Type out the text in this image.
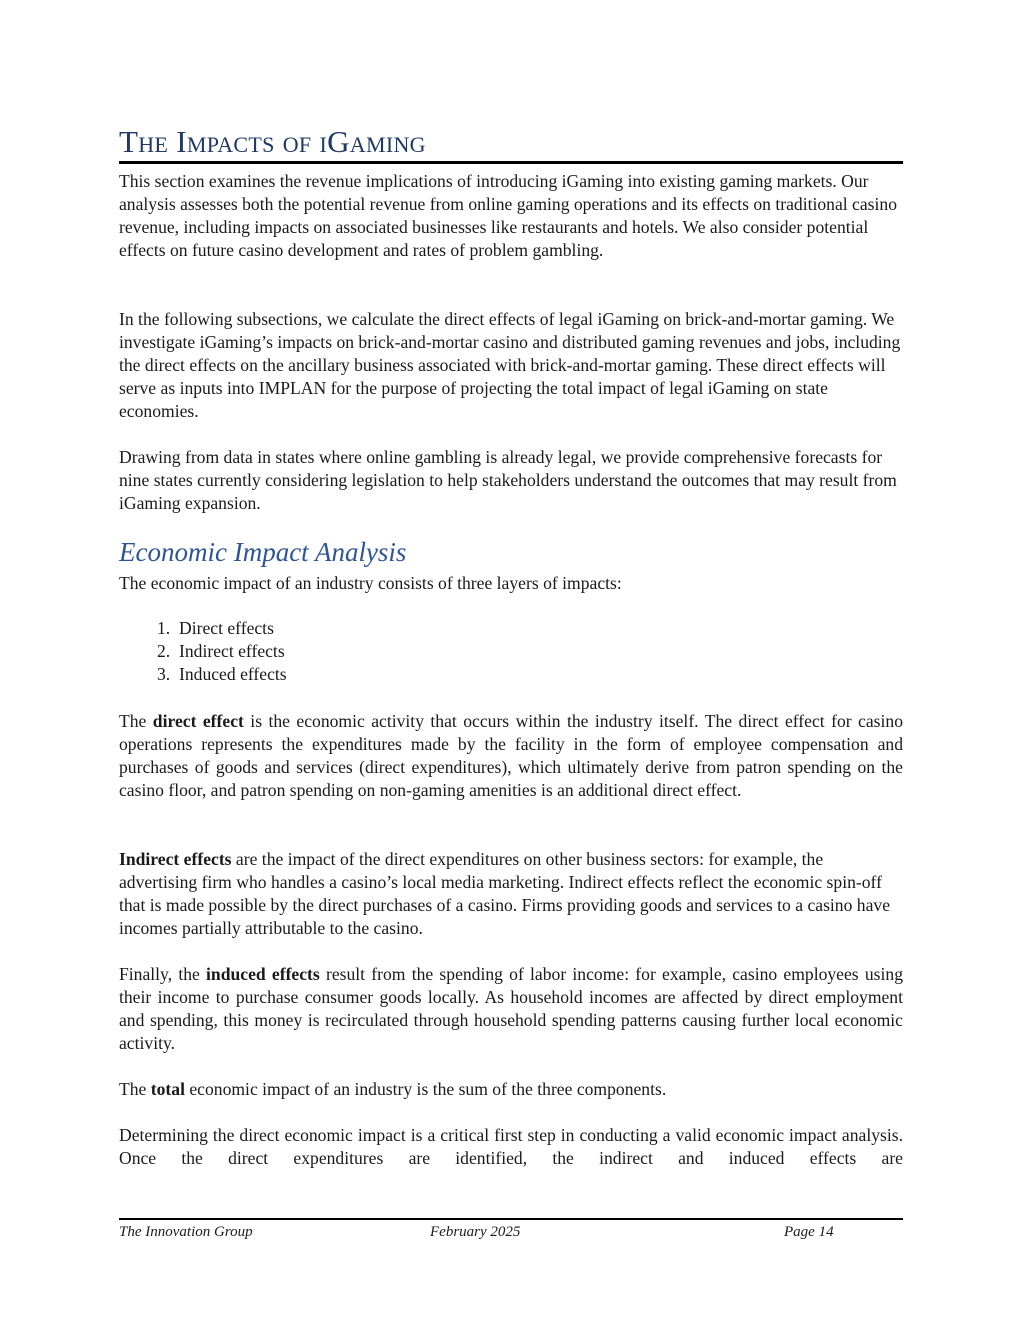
The Impacts of iGaming

This section examines the revenue implications of introducing iGaming into existing gaming markets. Our analysis assesses both the potential revenue from online gaming operations and its effects on traditional casino revenue, including impacts on associated businesses like restaurants and hotels. We also consider potential effects on future casino development and rates of problem gambling.

In the following subsections, we calculate the direct effects of legal iGaming on brick-and-mortar gaming. We investigate iGaming’s impacts on brick-and-mortar casino and distributed gaming revenues and jobs, including the direct effects on the ancillary business associated with brick-and-mortar gaming. These direct effects will serve as inputs into IMPLAN for the purpose of projecting the total impact of legal iGaming on state economies.

Drawing from data in states where online gambling is already legal, we provide comprehensive forecasts for nine states currently considering legislation to help stakeholders understand the outcomes that may result from iGaming expansion.

Economic Impact Analysis

The economic impact of an industry consists of three layers of impacts:

1. Direct effects
2. Indirect effects
3. Induced effects

The direct effect is the economic activity that occurs within the industry itself. The direct effect for casino operations represents the expenditures made by the facility in the form of employee compensation and purchases of goods and services (direct expenditures), which ultimately derive from patron spending on the casino floor, and patron spending on non-gaming amenities is an additional direct effect.

Indirect effects are the impact of the direct expenditures on other business sectors: for example, the advertising firm who handles a casino’s local media marketing. Indirect effects reflect the economic spin-off that is made possible by the direct purchases of a casino. Firms providing goods and services to a casino have incomes partially attributable to the casino.

Finally, the induced effects result from the spending of labor income: for example, casino employees using their income to purchase consumer goods locally. As household incomes are affected by direct employment and spending, this money is recirculated through household spending patterns causing further local economic activity.

The total economic impact of an industry is the sum of the three components.

Determining the direct economic impact is a critical first step in conducting a valid economic impact analysis. Once the direct expenditures are identified, the indirect and induced effects are

The Innovation Group	February 2025	Page 14
